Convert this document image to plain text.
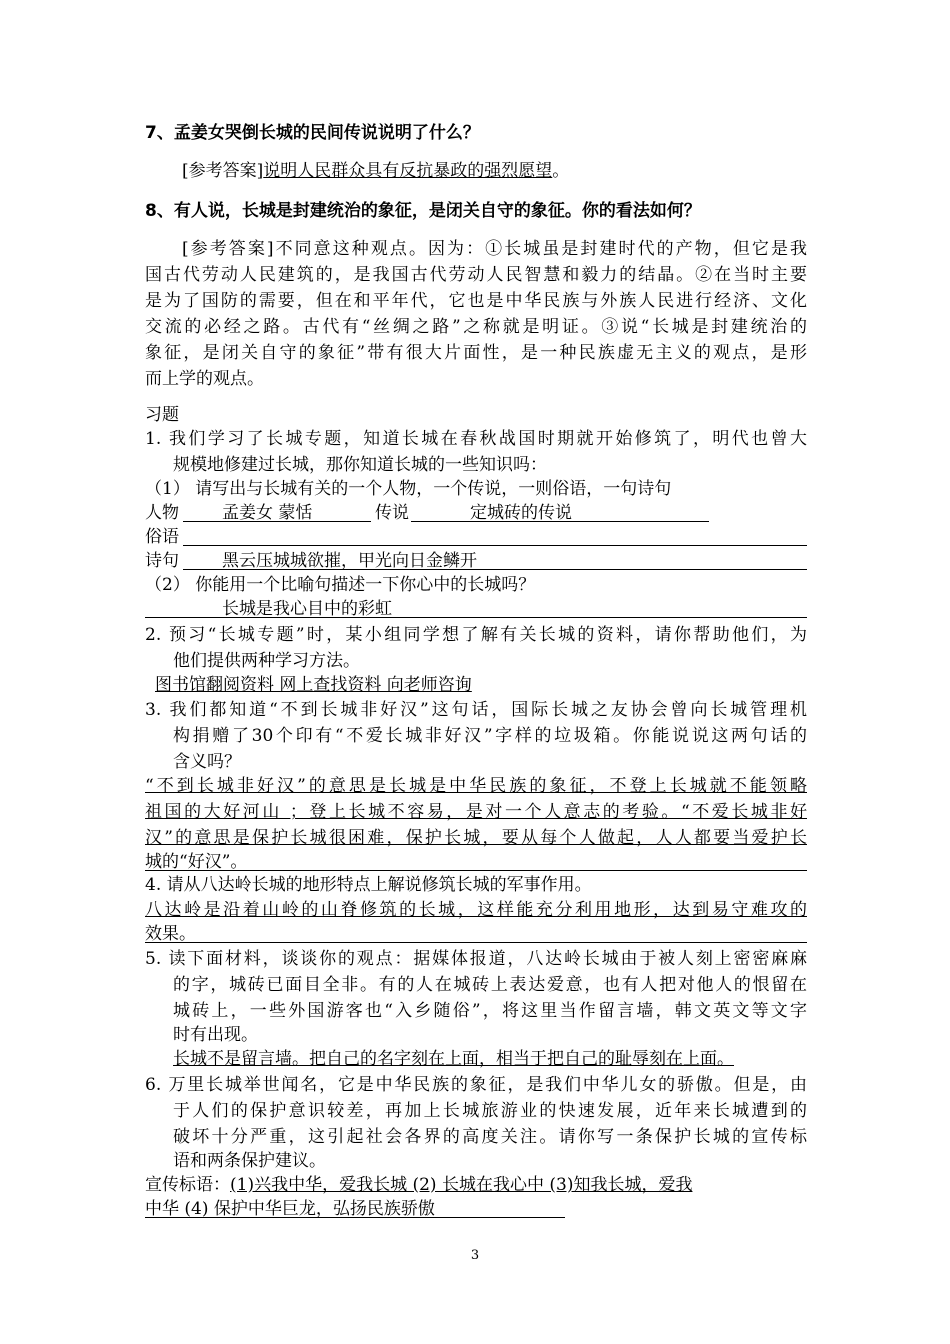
7、孟姜女哭倒长城的民间传说说明了什么？
[参考答案]说明人民群众具有反抗暴政的强烈愿望。
8、有人说，长城是封建统治的象征，是闭关自守的象征。你的看法如何？
[参考答案]不同意这种观点。因为：①长城虽是封建时代的产物，但它是我
国古代劳动人民建筑的，是我国古代劳动人民智慧和毅力的结晶。②在当时主要
是为了国防的需要，但在和平年代，它也是中华民族与外族人民进行经济、文化
交流的必经之路。古代有“丝绸之路”之称就是明证。③说“长城是封建统治的
象征，是闭关自守的象征”带有很大片面性，是一种民族虚无主义的观点，是形
而上学的观点。
习题
1. 我们学习了长城专题，知道长城在春秋战国时期就开始修筑了，明代也曾大
规模地修建过长城，那你知道长城的一些知识吗：
（1） 请写出与长城有关的一个人物，一个传说，一则俗语，一句诗句
人物	孟姜女 蒙恬	传说	定城砖的传说
俗语
诗句	黑云压城城欲摧，甲光向日金鳞开
（2） 你能用一个比喻句描述一下你心中的长城吗？
长城是我心目中的彩虹
2. 预习“长城专题”时，某小组同学想了解有关长城的资料，请你帮助他们，为
他们提供两种学习方法。
图书馆翻阅资料 网上查找资料 向老师咨询
3. 我们都知道“不到长城非好汉”这句话，国际长城之友协会曾向长城管理机
构捐赠了30个印有“不爱长城非好汉”字样的垃圾箱。你能说说这两句话的
含义吗？
“不到长城非好汉”的意思是长城是中华民族的象征，不登上长城就不能领略
祖国的大好河山 ；登上长城不容易，是对一个人意志的考验。“不爱长城非好
汉”的意思是保护长城很困难，保护长城，要从每个人做起，人人都要当爱护长
城的“好汉”。
4. 请从八达岭长城的地形特点上解说修筑长城的军事作用。
八达岭是沿着山岭的山脊修筑的长城，这样能充分利用地形，达到易守难攻的
效果。
5. 读下面材料，谈谈你的观点：据媒体报道，八达岭长城由于被人刻上密密麻麻
的字，城砖已面目全非。有的人在城砖上表达爱意，也有人把对他人的恨留在
城砖上，一些外国游客也“入乡随俗”，将这里当作留言墙，韩文英文等文字
时有出现。
长城不是留言墙。把自己的名字刻在上面，相当于把自己的耻辱刻在上面。
6. 万里长城举世闻名，它是中华民族的象征，是我们中华儿女的骄傲。但是，由
于人们的保护意识较差，再加上长城旅游业的快速发展，近年来长城遭到的
破坏十分严重，这引起社会各界的高度关注。请你写一条保护长城的宣传标
语和两条保护建议。
宣传标语： (1)兴我中华，爱我长城 (2) 长城在我心中 (3)知我长城，爱我
中华 (4) 保护中华巨龙，弘扬民族骄傲
3
